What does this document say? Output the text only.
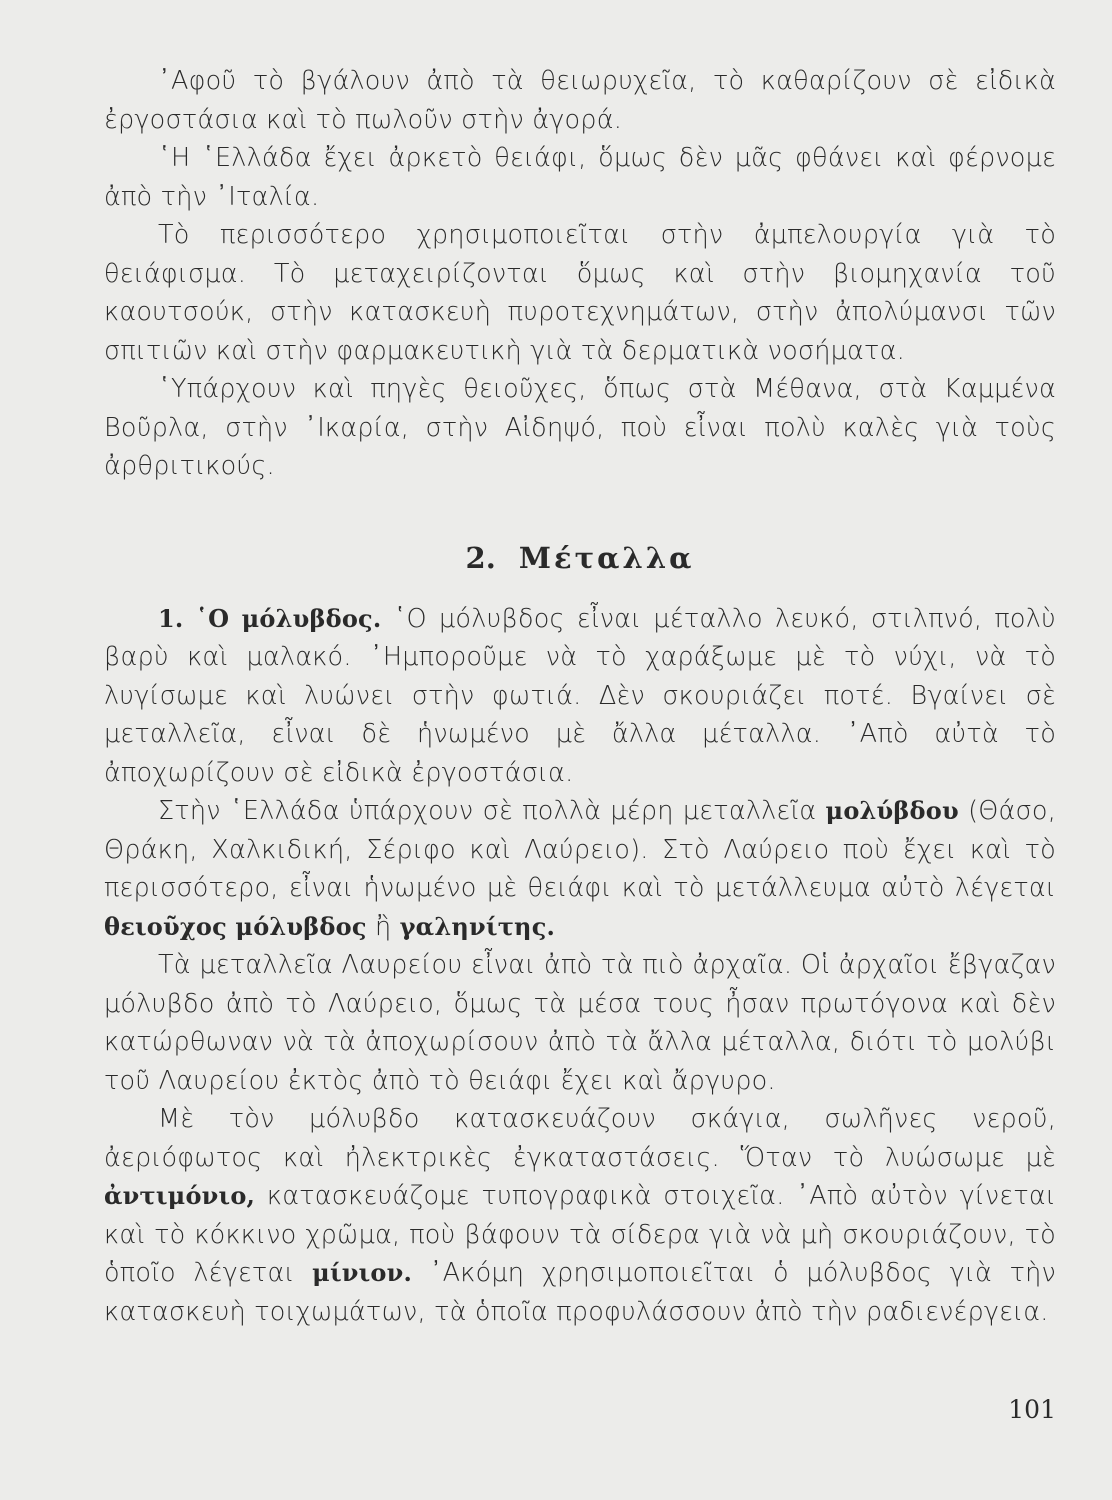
᾿Αφοῦ τὸ βγάλουν ἀπὸ τὰ θειωρυχεῖα, τὸ καθαρίζουν σὲ εἰδικὰ ἐργοστάσια καὶ τὸ πωλοῦν στὴν ἀγορά.

῾Η ῾Ελλάδα ἔχει ἀρκετὸ θειάφι, ὅμως δὲν μᾶς φθάνει καὶ φέρνομε ἀπὸ τὴν ᾿Ιταλία.

Τὸ περισσότερο χρησιμοποιεῖται στὴν ἀμπελουργία γιὰ τὸ θειάφισμα. Τὸ μεταχειρίζονται ὅμως καὶ στὴν βιομηχανία τοῦ καουτσούκ, στὴν κατασκευὴ πυροτεχνημάτων, στὴν ἀπολύμανσι τῶν σπιτιῶν καὶ στὴν φαρμακευτικὴ γιὰ τὰ δερματικὰ νοσήματα.

῾Υπάρχουν καὶ πηγὲς θειοῦχες, ὅπως στὰ Μέθανα, στὰ Καμμένα Βοῦρλα, στὴν ᾿Ικαρία, στὴν Αἰδηψό, ποὺ εἶναι πολὺ καλὲς γιὰ τοὺς ἀρθριτικούς.

2. Μέταλλα

1. ῾Ο μόλυβδος. ῾Ο μόλυβδος εἶναι μέταλλο λευκό, στιλπνό, πολὺ βαρὺ καὶ μαλακό. ᾿Ημποροῦμε νὰ τὸ χαράξωμε μὲ τὸ νύχι, νὰ τὸ λυγίσωμε καὶ λυώνει στὴν φωτιά. Δὲν σκουριάζει ποτέ. Βγαίνει σὲ μεταλλεῖα, εἶναι δὲ ἡνωμένο μὲ ἄλλα μέταλλα. ᾿Απὸ αὐτὰ τὸ ἀποχωρίζουν σὲ εἰδικὰ ἐργοστάσια.

Στὴν ῾Ελλάδα ὑπάρχουν σὲ πολλὰ μέρη μεταλλεῖα μολύβδου (Θάσο, Θράκη, Χαλκιδική, Σέριφο καὶ Λαύρειο). Στὸ Λαύρειο ποὺ ἔχει καὶ τὸ περισσότερο, εἶναι ἡνωμένο μὲ θειάφι καὶ τὸ μετάλλευμα αὐτὸ λέγεται θειοῦχος μόλυβδος ἢ γαληνίτης.

Τὰ μεταλλεῖα Λαυρείου εἶναι ἀπὸ τὰ πιὸ ἀρχαῖα. Οἱ ἀρχαῖοι ἔβγαζαν μόλυβδο ἀπὸ τὸ Λαύρειο, ὅμως τὰ μέσα τους ἦσαν πρωτόγονα καὶ δὲν κατώρθωναν νὰ τὰ ἀποχωρίσουν ἀπὸ τὰ ἄλλα μέταλλα, διότι τὸ μολύβι τοῦ Λαυρείου ἐκτὸς ἀπὸ τὸ θειάφι ἔχει καὶ ἄργυρο.

Μὲ τὸν μόλυβδο κατασκευάζουν σκάγια, σωλῆνες νεροῦ, ἀεριόφωτος καὶ ἠλεκτρικὲς ἐγκαταστάσεις. Ὅταν τὸ λυώσωμε μὲ ἀντιμόνιο, κατασκευάζομε τυπογραφικὰ στοιχεῖα. ᾿Απὸ αὐτὸν γίνεται καὶ τὸ κόκκινο χρῶμα, ποὺ βάφουν τὰ σίδερα γιὰ νὰ μὴ σκουριάζουν, τὸ ὁποῖο λέγεται μίνιον. ᾿Ακόμη χρησιμοποιεῖται ὁ μόλυβδος γιὰ τὴν κατασκευὴ τοιχωμάτων, τὰ ὁποῖα προφυλάσσουν ἀπὸ τὴν ραδιενέργεια.

101
